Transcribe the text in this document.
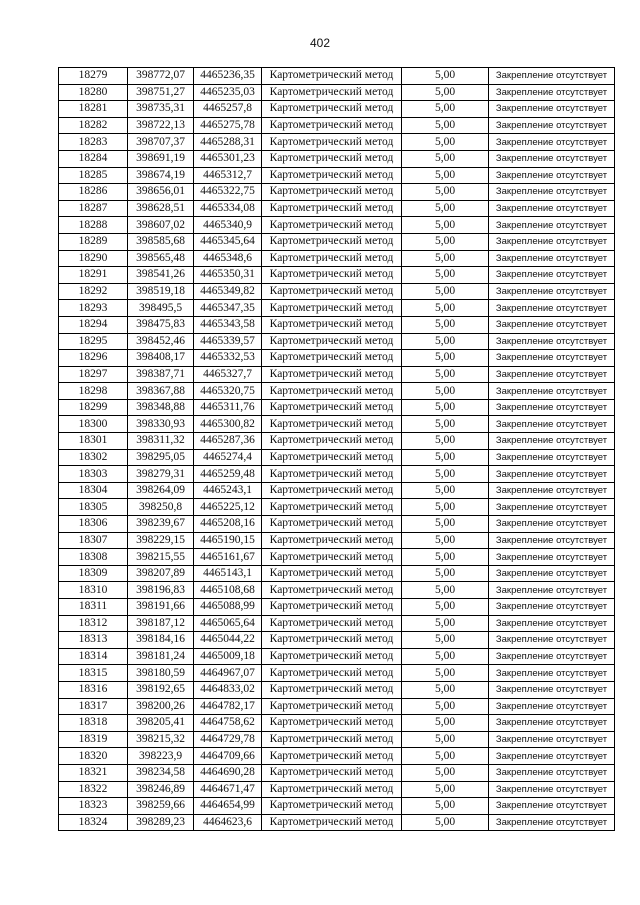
402
18279	398772,07	4465236,35	Картометрический метод	5,00	Закрепление отсутствует
18280	398751,27	4465235,03	Картометрический метод	5,00	Закрепление отсутствует
18281	398735,31	4465257,8	Картометрический метод	5,00	Закрепление отсутствует
18282	398722,13	4465275,78	Картометрический метод	5,00	Закрепление отсутствует
18283	398707,37	4465288,31	Картометрический метод	5,00	Закрепление отсутствует
18284	398691,19	4465301,23	Картометрический метод	5,00	Закрепление отсутствует
18285	398674,19	4465312,7	Картометрический метод	5,00	Закрепление отсутствует
18286	398656,01	4465322,75	Картометрический метод	5,00	Закрепление отсутствует
18287	398628,51	4465334,08	Картометрический метод	5,00	Закрепление отсутствует
18288	398607,02	4465340,9	Картометрический метод	5,00	Закрепление отсутствует
18289	398585,68	4465345,64	Картометрический метод	5,00	Закрепление отсутствует
18290	398565,48	4465348,6	Картометрический метод	5,00	Закрепление отсутствует
18291	398541,26	4465350,31	Картометрический метод	5,00	Закрепление отсутствует
18292	398519,18	4465349,82	Картометрический метод	5,00	Закрепление отсутствует
18293	398495,5	4465347,35	Картометрический метод	5,00	Закрепление отсутствует
18294	398475,83	4465343,58	Картометрический метод	5,00	Закрепление отсутствует
18295	398452,46	4465339,57	Картометрический метод	5,00	Закрепление отсутствует
18296	398408,17	4465332,53	Картометрический метод	5,00	Закрепление отсутствует
18297	398387,71	4465327,7	Картометрический метод	5,00	Закрепление отсутствует
18298	398367,88	4465320,75	Картометрический метод	5,00	Закрепление отсутствует
18299	398348,88	4465311,76	Картометрический метод	5,00	Закрепление отсутствует
18300	398330,93	4465300,82	Картометрический метод	5,00	Закрепление отсутствует
18301	398311,32	4465287,36	Картометрический метод	5,00	Закрепление отсутствует
18302	398295,05	4465274,4	Картометрический метод	5,00	Закрепление отсутствует
18303	398279,31	4465259,48	Картометрический метод	5,00	Закрепление отсутствует
18304	398264,09	4465243,1	Картометрический метод	5,00	Закрепление отсутствует
18305	398250,8	4465225,12	Картометрический метод	5,00	Закрепление отсутствует
18306	398239,67	4465208,16	Картометрический метод	5,00	Закрепление отсутствует
18307	398229,15	4465190,15	Картометрический метод	5,00	Закрепление отсутствует
18308	398215,55	4465161,67	Картометрический метод	5,00	Закрепление отсутствует
18309	398207,89	4465143,1	Картометрический метод	5,00	Закрепление отсутствует
18310	398196,83	4465108,68	Картометрический метод	5,00	Закрепление отсутствует
18311	398191,66	4465088,99	Картометрический метод	5,00	Закрепление отсутствует
18312	398187,12	4465065,64	Картометрический метод	5,00	Закрепление отсутствует
18313	398184,16	4465044,22	Картометрический метод	5,00	Закрепление отсутствует
18314	398181,24	4465009,18	Картометрический метод	5,00	Закрепление отсутствует
18315	398180,59	4464967,07	Картометрический метод	5,00	Закрепление отсутствует
18316	398192,65	4464833,02	Картометрический метод	5,00	Закрепление отсутствует
18317	398200,26	4464782,17	Картометрический метод	5,00	Закрепление отсутствует
18318	398205,41	4464758,62	Картометрический метод	5,00	Закрепление отсутствует
18319	398215,32	4464729,78	Картометрический метод	5,00	Закрепление отсутствует
18320	398223,9	4464709,66	Картометрический метод	5,00	Закрепление отсутствует
18321	398234,58	4464690,28	Картометрический метод	5,00	Закрепление отсутствует
18322	398246,89	4464671,47	Картометрический метод	5,00	Закрепление отсутствует
18323	398259,66	4464654,99	Картометрический метод	5,00	Закрепление отсутствует
18324	398289,23	4464623,6	Картометрический метод	5,00	Закрепление отсутствует
